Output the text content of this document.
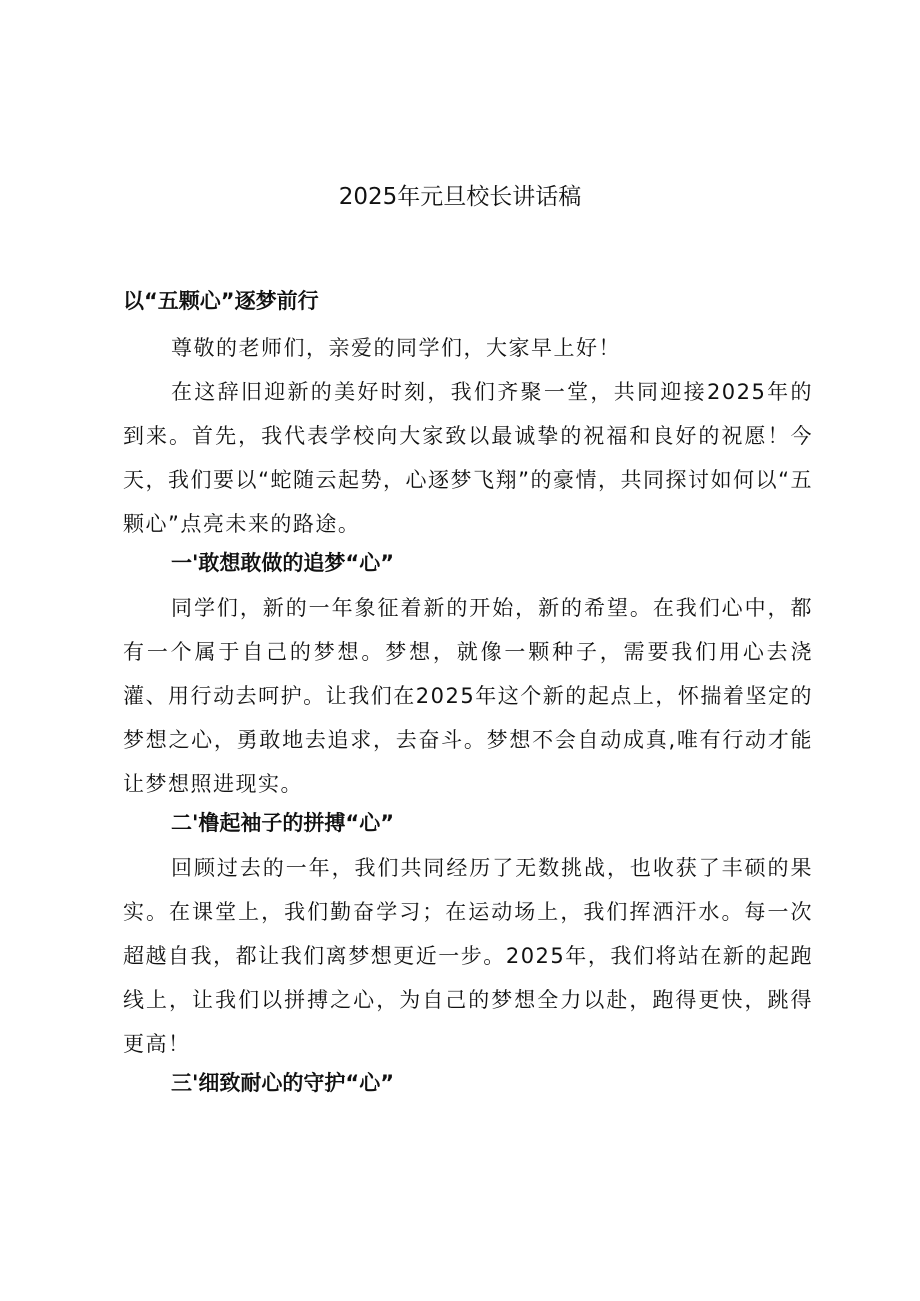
2025年元旦校长讲话稿
以“五颗心”逐梦前行

尊敬的老师们，亲爱的同学们，大家早上好！

在这辞旧迎新的美好时刻，我们齐聚一堂，共同迎接2025年的到来。首先，我代表学校向大家致以最诚挚的祝福和良好的祝愿！今天，我们要以“蛇随云起势，心逐梦飞翔”的豪情，共同探讨如何以“五颗心”点亮未来的路途。

一'敢想敢做的追梦“心”

同学们，新的一年象征着新的开始，新的希望。在我们心中，都有一个属于自己的梦想。梦想，就像一颗种子，需要我们用心去浇灌、用行动去呵护。让我们在2025年这个新的起点上，怀揣着坚定的梦想之心，勇敢地去追求，去奋斗。梦想不会自动成真,唯有行动才能让梦想照进现实。

二'橹起袖子的拼搏“心”

回顾过去的一年，我们共同经历了无数挑战，也收获了丰硕的果实。在课堂上，我们勤奋学习；在运动场上，我们挥洒汗水。每一次超越自我，都让我们离梦想更近一步。2025年，我们将站在新的起跑线上，让我们以拼搏之心，为自己的梦想全力以赴，跑得更快，跳得更高！

三'细致耐心的守护“心”
